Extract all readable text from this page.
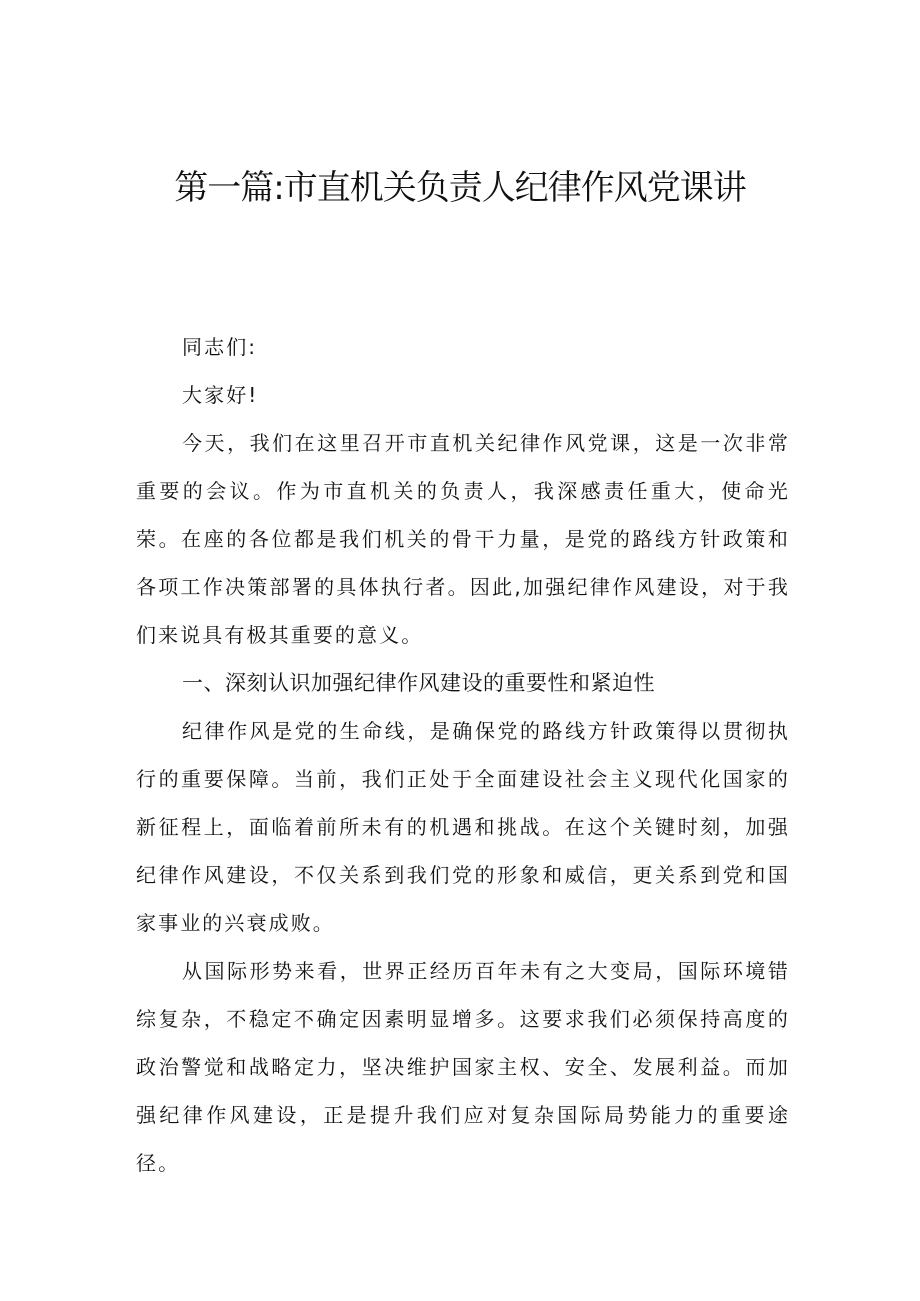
第一篇:市直机关负责人纪律作风党课讲

同志们:

大家好!

今天，我们在这里召开市直机关纪律作风党课，这是一次非常重要的会议。作为市直机关的负责人，我深感责任重大，使命光荣。在座的各位都是我们机关的骨干力量，是党的路线方针政策和各项工作决策部署的具体执行者。因此,加强纪律作风建设，对于我们来说具有极其重要的意义。

一、深刻认识加强纪律作风建设的重要性和紧迫性

纪律作风是党的生命线，是确保党的路线方针政策得以贯彻执行的重要保障。当前，我们正处于全面建设社会主义现代化国家的新征程上，面临着前所未有的机遇和挑战。在这个关键时刻，加强纪律作风建设，不仅关系到我们党的形象和威信，更关系到党和国家事业的兴衰成败。

从国际形势来看，世界正经历百年未有之大变局，国际环境错综复杂，不稳定不确定因素明显增多。这要求我们必须保持高度的政治警觉和战略定力，坚决维护国家主权、安全、发展利益。而加强纪律作风建设，正是提升我们应对复杂国际局势能力的重要途径。
